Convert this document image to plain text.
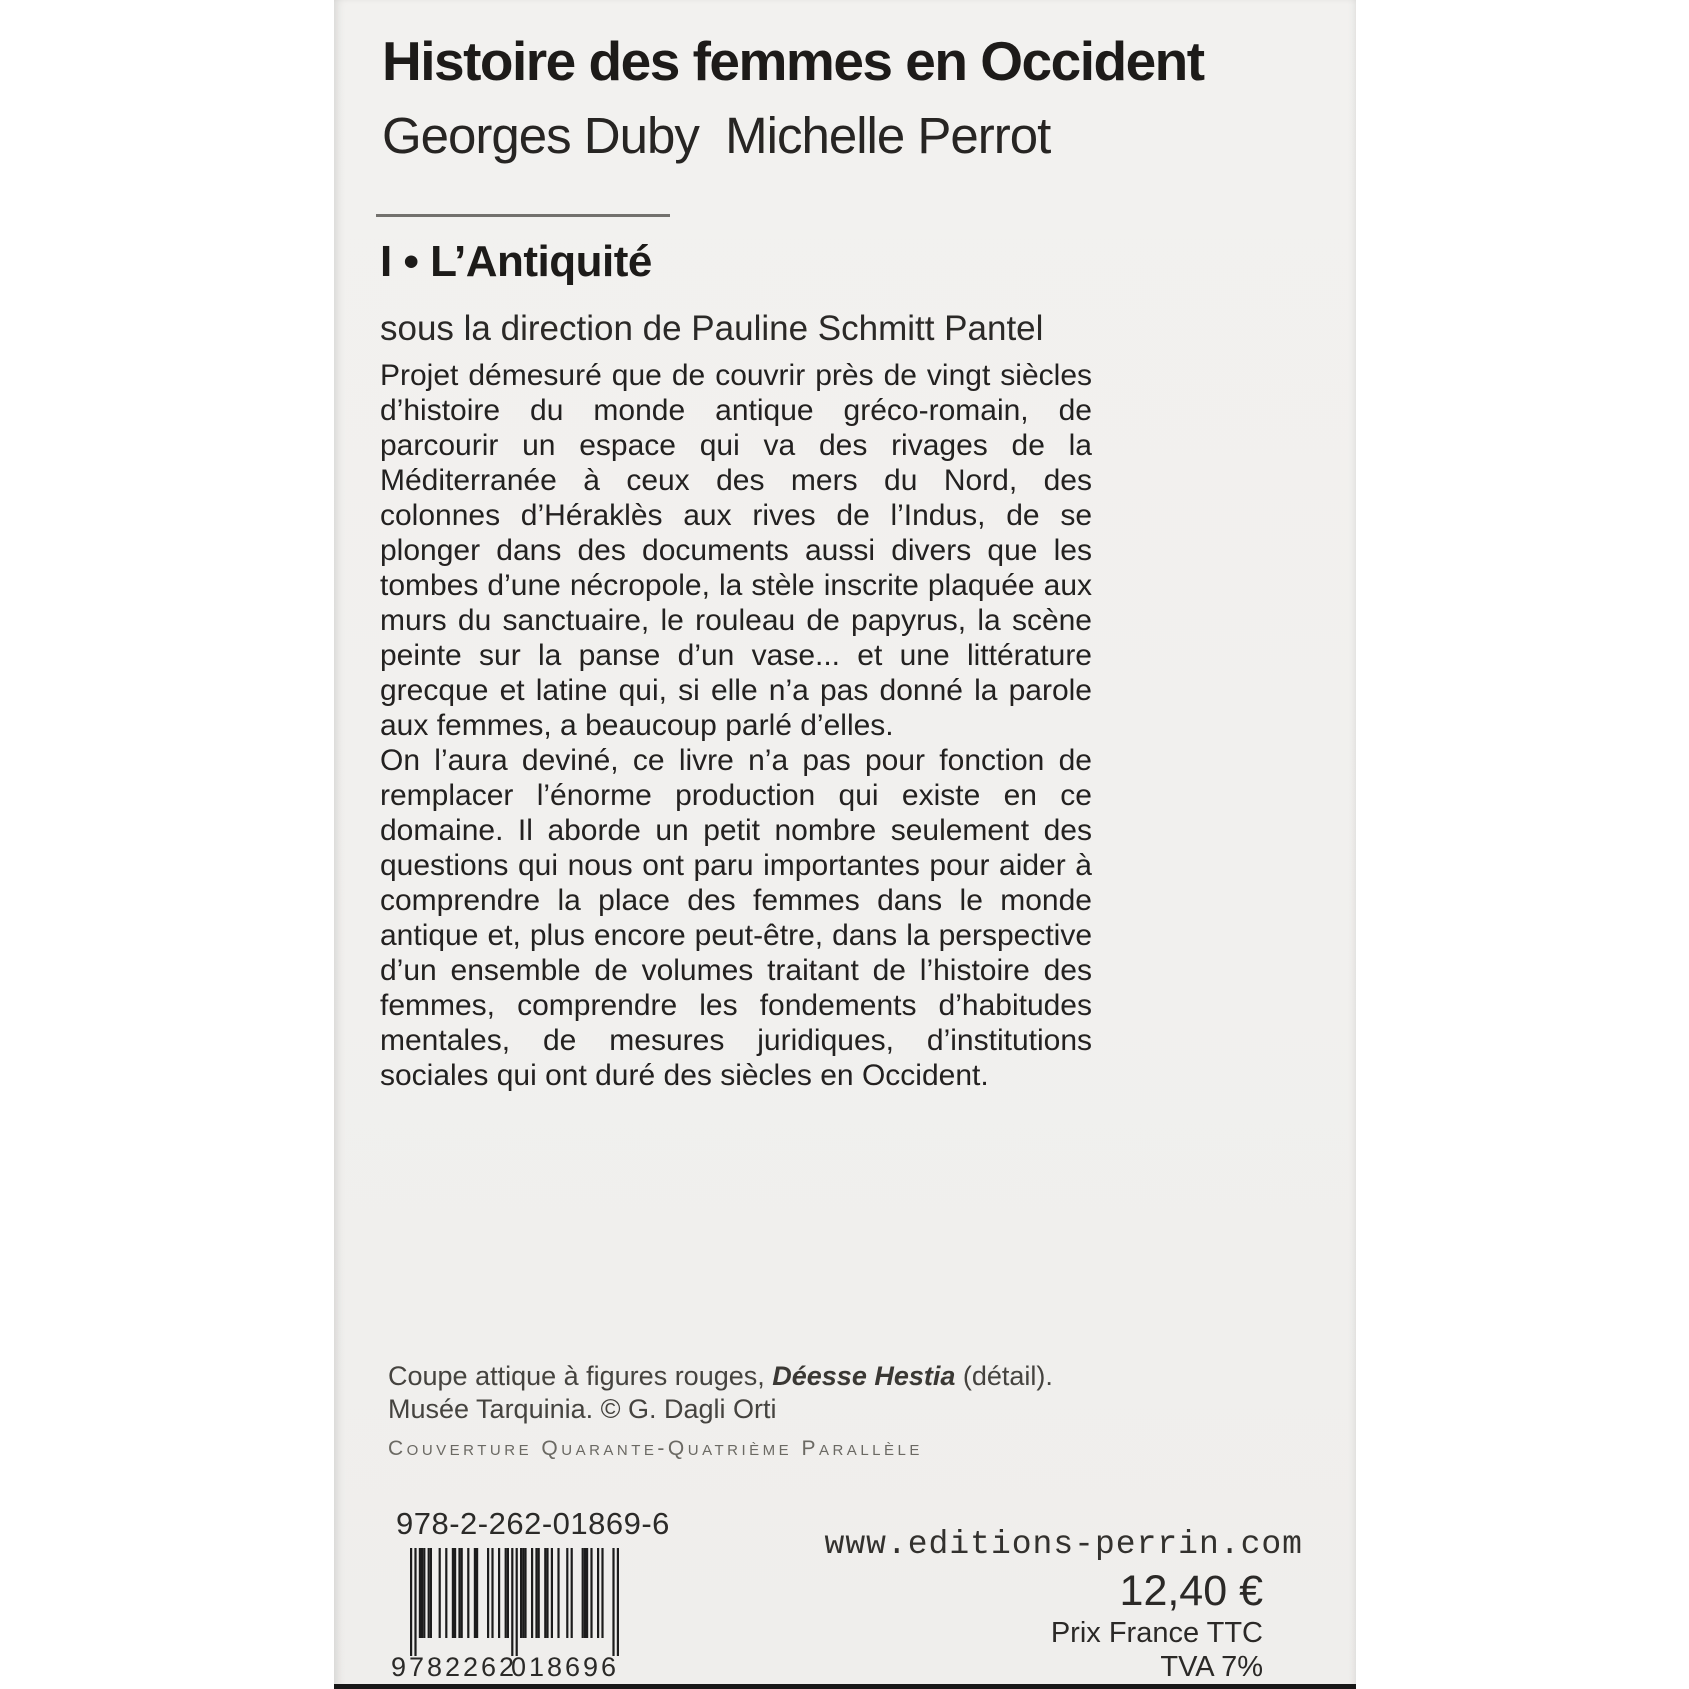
Histoire des femmes en Occident
Georges Duby  Michelle Perrot
I • L’Antiquité
sous la direction de Pauline Schmitt Pantel

Projet démesuré que de couvrir près de vingt siècles d’histoire du monde antique gréco-romain, de parcourir un espace qui va des rivages de la Méditerranée à ceux des mers du Nord, des colonnes d’Héraklès aux rives de l’Indus, de se plonger dans des documents aussi divers que les tombes d’une nécropole, la stèle inscrite plaquée aux murs du sanctuaire, le rouleau de papyrus, la scène peinte sur la panse d’un vase... et une littérature grecque et latine qui, si elle n’a pas donné la parole aux femmes, a beaucoup parlé d’elles.

On l’aura deviné, ce livre n’a pas pour fonction de remplacer l’énorme production qui existe en ce domaine. Il aborde un petit nombre seulement des questions qui nous ont paru importantes pour aider à comprendre la place des femmes dans le monde antique et, plus encore peut-être, dans la perspective d’un ensemble de volumes traitant de l’histoire des femmes, comprendre les fondements d’habitudes mentales, de mesures juridiques, d’institutions sociales qui ont duré des siècles en Occident.

Coupe attique à figures rouges, Déesse Hestia (détail).
Musée Tarquinia. © G. Dagli Orti
Couverture Quarante-Quatrième Parallèle
978-2-262-01869-6
9 782262
018696
www.editions-perrin.com
12,40 €
Prix France TTC
TVA 7%
